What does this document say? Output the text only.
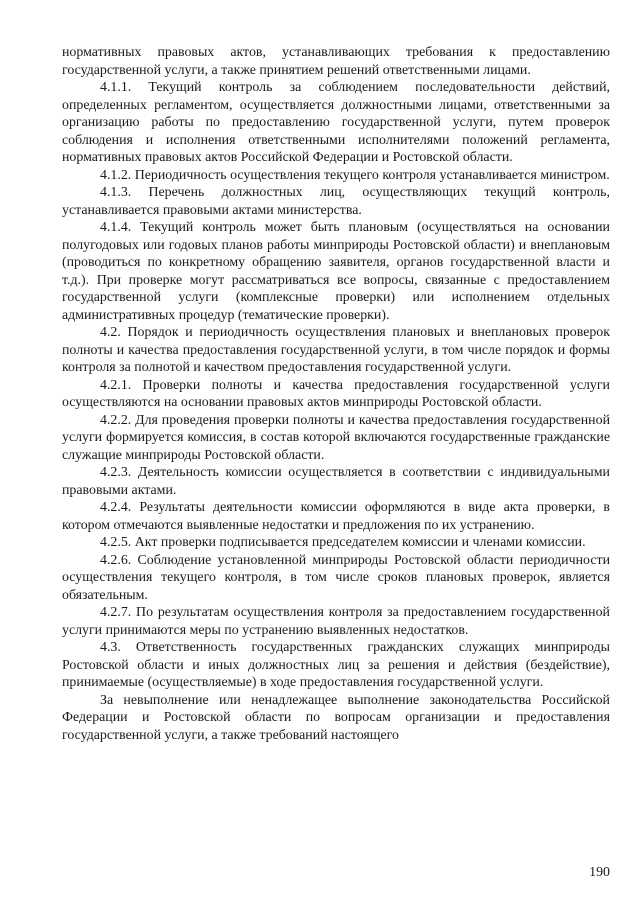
нормативных правовых актов, устанавливающих требования к предоставлению государственной услуги, а также принятием решений ответственными лицами.

4.1.1. Текущий контроль за соблюдением последовательности действий, определенных регламентом, осуществляется должностными лицами, ответственными за организацию работы по предоставлению государственной услуги, путем проверок соблюдения и исполнения ответственными исполнителями положений регламента, нормативных правовых актов Российской Федерации и Ростовской области.

4.1.2. Периодичность осуществления текущего контроля устанавливается министром.

4.1.3. Перечень должностных лиц, осуществляющих текущий контроль, устанавливается правовыми актами министерства.

4.1.4. Текущий контроль может быть плановым (осуществляться на основании полугодовых или годовых планов работы минприроды Ростовской области) и внеплановым (проводиться по конкретному обращению заявителя, органов государственной власти и т.д.). При проверке могут рассматриваться все вопросы, связанные с предоставлением государственной услуги (комплексные проверки) или исполнением отдельных административных процедур (тематические проверки).

4.2. Порядок и периодичность осуществления плановых и внеплановых проверок полноты и качества предоставления государственной услуги, в том числе порядок и формы контроля за полнотой и качеством предоставления государственной услуги.

4.2.1. Проверки полноты и качества предоставления государственной услуги осуществляются на основании правовых актов минприроды Ростовской области.

4.2.2. Для проведения проверки полноты и качества предоставления государственной услуги формируется комиссия, в состав которой включаются государственные гражданские служащие минприроды Ростовской области.

4.2.3. Деятельность комиссии осуществляется в соответствии с индивидуальными правовыми актами.

4.2.4. Результаты деятельности комиссии оформляются в виде акта проверки, в котором отмечаются выявленные недостатки и предложения по их устранению.

4.2.5. Акт проверки подписывается председателем комиссии и членами комиссии.

4.2.6. Соблюдение установленной минприроды Ростовской области периодичности осуществления текущего контроля, в том числе сроков плановых проверок, является обязательным.

4.2.7. По результатам осуществления контроля за предоставлением государственной услуги принимаются меры по устранению выявленных недостатков.

4.3. Ответственность государственных гражданских служащих минприроды Ростовской области и иных должностных лиц за решения и действия (бездействие), принимаемые (осуществляемые) в ходе предоставления государственной услуги.

За невыполнение или ненадлежащее выполнение законодательства Российской Федерации и Ростовской области по вопросам организации и предоставления государственной услуги, а также требований настоящего

190
